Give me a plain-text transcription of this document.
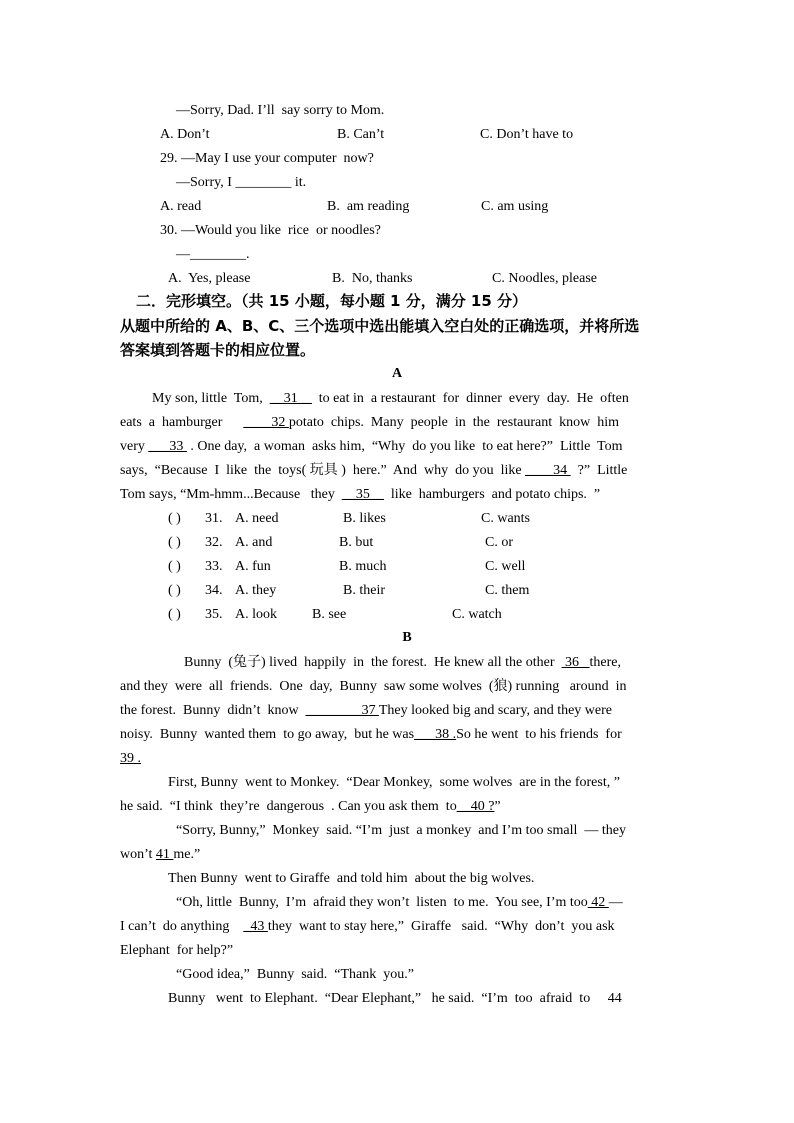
—Sorry, Dad. I’ll  say sorry to Mom.
A. Don’t	B. Can’t	C. Don’t have to
29. —May I use your computer  now?
—Sorry, I ________ it.
A. read	B.  am reading	C. am using
30. —Would you like  rice  or noodles?
—________.
A.  Yes, please	B.  No, thanks	C. Noodles, please
二．完形填空。（共 15 小题，每小题 1 分，满分 15 分）
从题中所给的 A、B、C、三个选项中选出能填入空白处的正确选项，并将所选
答案填到答题卡的相应位置。
A
My son, little  Tom,  __31__  to eat in  a restaurant  for  dinner  every  day.  He  often
eats  a  hamburger      ____32 potato  chips.  Many  people  in  the  restaurant  know  him
very ___33  . One day,  a woman  asks him,  “Why  do you like  to eat here?”  Little  Tom
says,  “Because  I  like  the  toys( 玩具 )  here.”  And  why  do you  like ____34   ?”  Little
Tom says, “Mm-hmm...Because   they  __35__  like  hamburgers  and potato chips.  ”
( ) 31. A. need	B. likes	C. wants
( ) 32. A. and	B. but	C. or
( ) 33. A. fun	B. much	C. well
( ) 34. A. they	B. their	C. them
( ) 35. A. look	B. see	C. watch
B
Bunny  (兔子) lived  happily  in  the forest.  He knew all the other   36   there,
and they  were  all  friends.  One  day,  Bunny  saw some wolves  (狼) running   around  in
the forest.  Bunny  didn’t  know  ________37 They looked big and scary, and they were
noisy.  Bunny  wanted them  to go away,  but he was___38 .So he went  to his friends  for
39 .
First, Bunny  went to Monkey.  “Dear Monkey,  some wolves  are in the forest, ”
he said.  “I think  they’re  dangerous  . Can you ask them  to__40 ?”
“Sorry, Bunny,”  Monkey  said. “I’m  just  a monkey  and I’m too small  — they
won’t 41 me.”
Then Bunny  went to Giraffe  and told him  about the big wolves.
“Oh, little  Bunny,  I’m  afraid they won’t  listen  to me.  You see, I’m too 42 —
I can’t  do anything    _43 they  want to stay here,”  Giraffe   said.  “Why  don’t  you ask
Elephant  for help?”
“Good idea,”  Bunny  said.  “Thank  you.”
Bunny   went  to Elephant.  “Dear Elephant,”   he said.  “I’m  too  afraid  to     44
